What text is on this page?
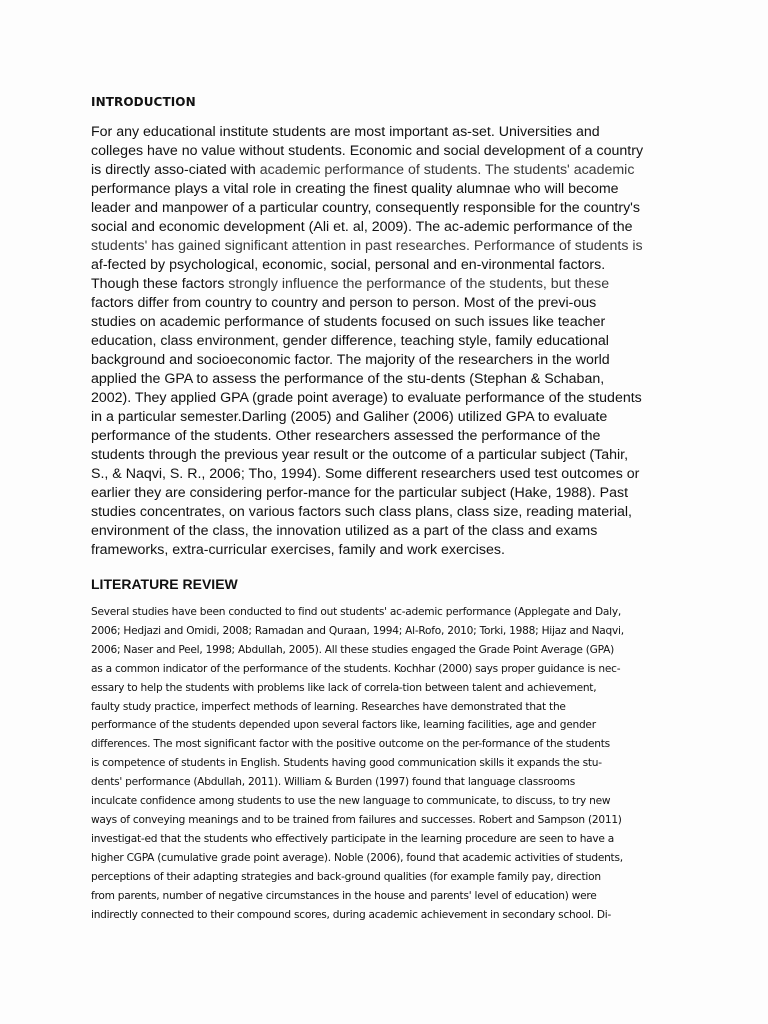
INTRODUCTION

For any educational institute students are most important as-set. Universities and
colleges have no value without students. Economic and social development of a country
is directly asso-ciated with academic performance of students. The students' academic
performance plays a vital role in creating the finest quality alumnae who will become
leader and manpower of a particular country, consequently responsible for the country's
social and economic development (Ali et. al, 2009). The ac-ademic performance of the
students' has gained significant attention in past researches. Performance of students is
af-fected by psychological, economic, social, personal and en-vironmental factors.
Though these factors strongly influence the performance of the students, but these
factors differ from country to country and person to person. Most of the previ-ous
studies on academic performance of students focused on such issues like teacher
education, class environment, gender difference, teaching style, family educational
background and socioeconomic factor. The majority of the researchers in the world
applied the GPA to assess the performance of the stu-dents (Stephan & Schaban,
2002). They applied GPA (grade point average) to evaluate performance of the students
in a particular semester.Darling (2005) and Galiher (2006) utilized GPA to evaluate
performance of the students. Other researchers assessed the performance of the
students through the previous year result or the outcome of a particular subject (Tahir,
S., & Naqvi, S. R., 2006; Tho, 1994). Some different researchers used test outcomes or
earlier they are considering perfor-mance for the particular subject (Hake, 1988). Past
studies concentrates, on various factors such class plans, class size, reading material,
environment of the class, the innovation utilized as a part of the class and exams
frameworks, extra-curricular exercises, family and work exercises.

LITERATURE REVIEW

Several studies have been conducted to find out students' ac-ademic performance (Applegate and Daly,
2006; Hedjazi and Omidi, 2008; Ramadan and Quraan, 1994; Al-Rofo, 2010; Torki, 1988; Hijaz and Naqvi,
2006; Naser and Peel, 1998; Abdullah, 2005). All these studies engaged the Grade Point Average (GPA)
as a common indicator of the performance of the students. Kochhar (2000) says proper guidance is nec-
essary to help the students with problems like lack of correla-tion between talent and achievement,
faulty study practice, imperfect methods of learning. Researches have demonstrated that the
performance of the students depended upon several factors like, learning facilities, age and gender
differences. The most significant factor with the positive outcome on the per-formance of the students
is competence of students in English. Students having good communication skills it expands the stu-
dents' performance (Abdullah, 2011). William & Burden (1997) found that language classrooms
inculcate confidence among students to use the new language to communicate, to discuss, to try new
ways of conveying meanings and to be trained from failures and successes. Robert and Sampson (2011)
investigat-ed that the students who effectively participate in the learning procedure are seen to have a
higher CGPA (cumulative grade point average). Noble (2006), found that academic activities of students,
perceptions of their adapting strategies and back-ground qualities (for example family pay, direction
from parents, number of negative circumstances in the house and parents' level of education) were
indirectly connected to their compound scores, during academic achievement in secondary school. Di-
